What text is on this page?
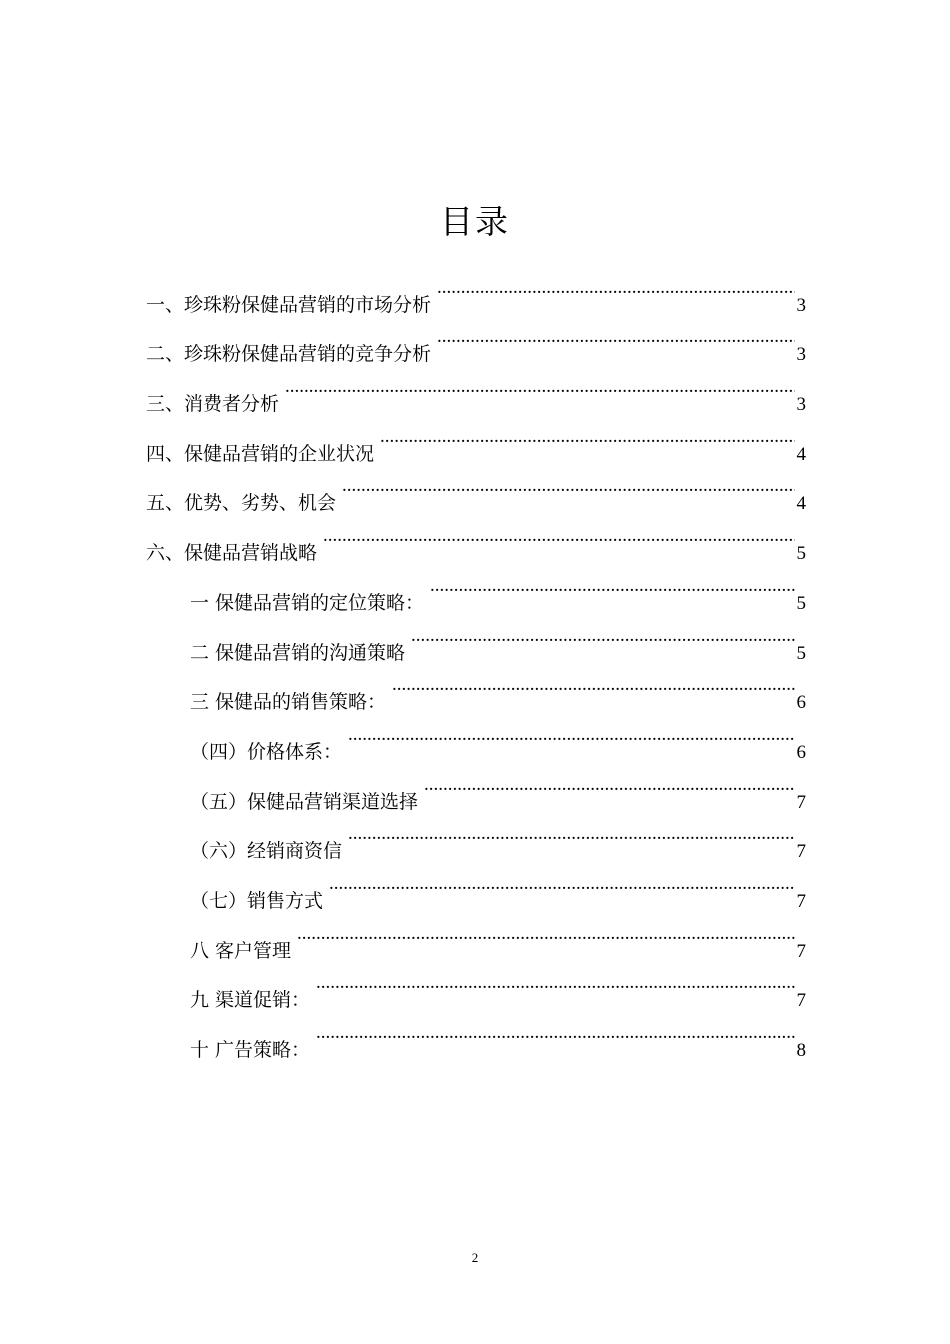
目录
一、珍珠粉保健品营销的市场分析 .....	3
二、珍珠粉保健品营销的竞争分析 .....	3
三、消费者分析 .....	3
四、保健品营销的企业状况 .....	4
五、优势、劣势、机会 .....	4
六、保健品营销战略 .....	5
一 保健品营销的定位策略： .....	5
二 保健品营销的沟通策略 .....	5
三 保健品的销售策略： .....	6
（四）价格体系： .....	6
（五）保健品营销渠道选择 .....	7
（六）经销商资信 .....	7
（七）销售方式 .....	7
八 客户管理 .....	7
九 渠道促销： .....	7
十 广告策略： .....	8
2
